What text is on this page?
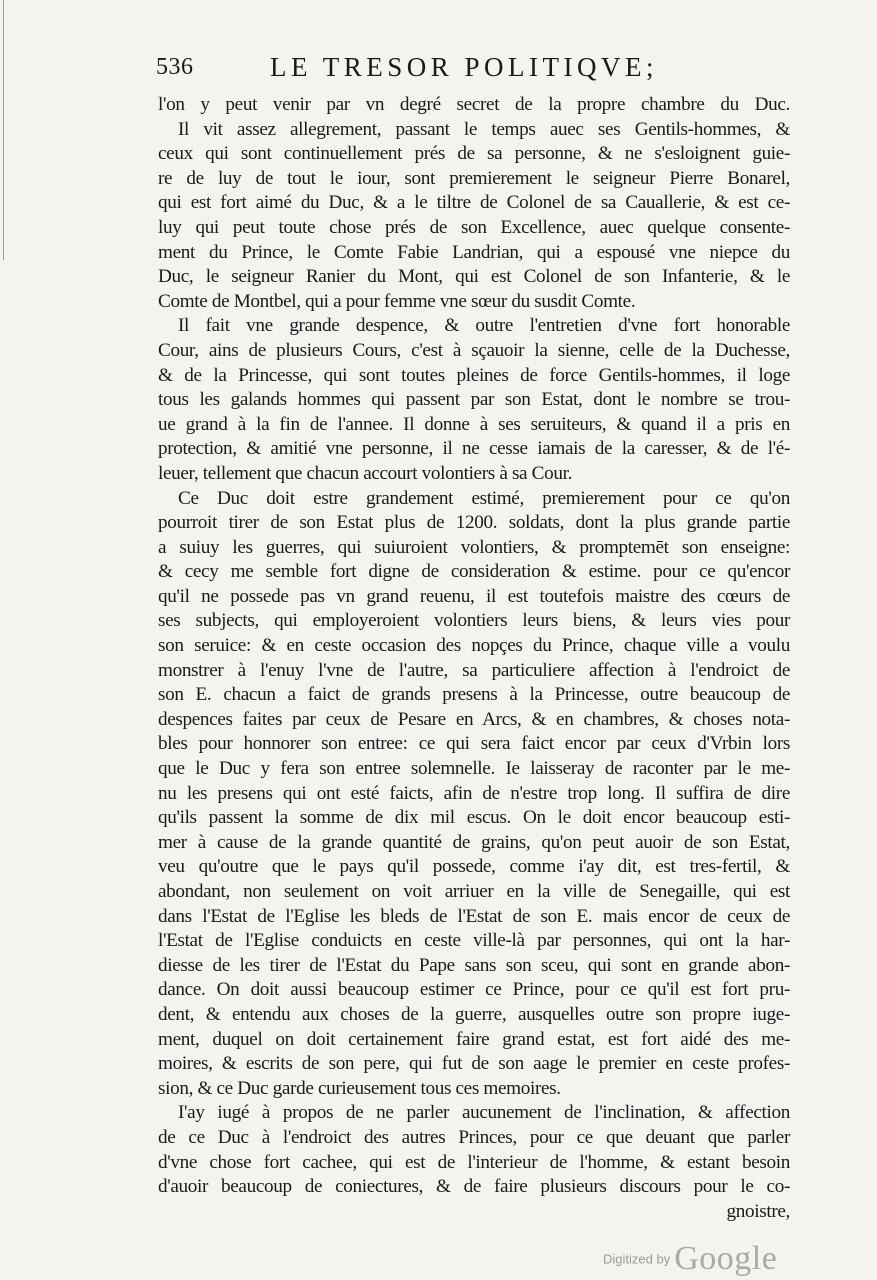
536	LE TRESOR POLITIQVE;
l'on y peut venir par vn degré secret de la propre chambre du Duc.
Il vit assez allegrement, passant le temps auec ses Gentils-hommes, &
ceux qui sont continuellement prés de sa personne, & ne s'esloignent guie-
re de luy de tout le iour, sont premierement le seigneur Pierre Bonarel,
qui est fort aimé du Duc, & a le tiltre de Colonel de sa Cauallerie, & est ce-
luy qui peut toute chose prés de son Excellence, auec quelque consente-
ment du Prince, le Comte Fabie Landrian, qui a espousé vne niepce du
Duc, le seigneur Ranier du Mont, qui est Colonel de son Infanterie, & le
Comte de Montbel, qui a pour femme vne sœur du susdit Comte.
Il fait vne grande despence, & outre l'entretien d'vne fort honorable
Cour, ains de plusieurs Cours, c'est à sçauoir la sienne, celle de la Duchesse,
& de la Princesse, qui sont toutes pleines de force Gentils-hommes, il loge
tous les galands hommes qui passent par son Estat, dont le nombre se trou-
ue grand à la fin de l'annee. Il donne à ses seruiteurs, & quand il a pris en
protection, & amitié vne personne, il ne cesse iamais de la caresser, & de l'é-
leuer, tellement que chacun accourt volontiers à sa Cour.
Ce Duc doit estre grandement estimé, premierement pour ce qu'on
pourroit tirer de son Estat plus de 1200. soldats, dont la plus grande partie
a suiuy les guerres, qui suiuroient volontiers, & promptemēt son enseigne:
& cecy me semble fort digne de consideration & estime. pour ce qu'encor
qu'il ne possede pas vn grand reuenu, il est toutefois maistre des cœurs de
ses subjects, qui employeroient volontiers leurs biens, & leurs vies pour
son seruice: & en ceste occasion des nopçes du Prince, chaque ville a voulu
monstrer à l'enuy l'vne de l'autre, sa particuliere affection à l'endroict de
son E. chacun a faict de grands presens à la Princesse, outre beaucoup de
despences faites par ceux de Pesare en Arcs, & en chambres, & choses nota-
bles pour honnorer son entree: ce qui sera faict encor par ceux d'Vrbin lors
que le Duc y fera son entree solemnelle. Ie laisseray de raconter par le me-
nu les presens qui ont esté faicts, afin de n'estre trop long. Il suffira de dire
qu'ils passent la somme de dix mil escus. On le doit encor beaucoup esti-
mer à cause de la grande quantité de grains, qu'on peut auoir de son Estat,
veu qu'outre que le pays qu'il possede, comme i'ay dit, est tres-fertil, &
abondant, non seulement on voit arriuer en la ville de Senegaille, qui est
dans l'Estat de l'Eglise les bleds de l'Estat de son E. mais encor de ceux de
l'Estat de l'Eglise conduicts en ceste ville-là par personnes, qui ont la har-
diesse de les tirer de l'Estat du Pape sans son sceu, qui sont en grande abon-
dance. On doit aussi beaucoup estimer ce Prince, pour ce qu'il est fort pru-
dent, & entendu aux choses de la guerre, ausquelles outre son propre iuge-
ment, duquel on doit certainement faire grand estat, est fort aidé des me-
moires, & escrits de son pere, qui fut de son aage le premier en ceste profes-
sion, & ce Duc garde curieusement tous ces memoires.
I'ay iugé à propos de ne parler aucunement de l'inclination, & affection
de ce Duc à l'endroict des autres Princes, pour ce que deuant que parler
d'vne chose fort cachee, qui est de l'interieur de l'homme, & estant besoin
d'auoir beaucoup de coniectures, & de faire plusieurs discours pour le co-
gnoistre,
Digitized by Google
